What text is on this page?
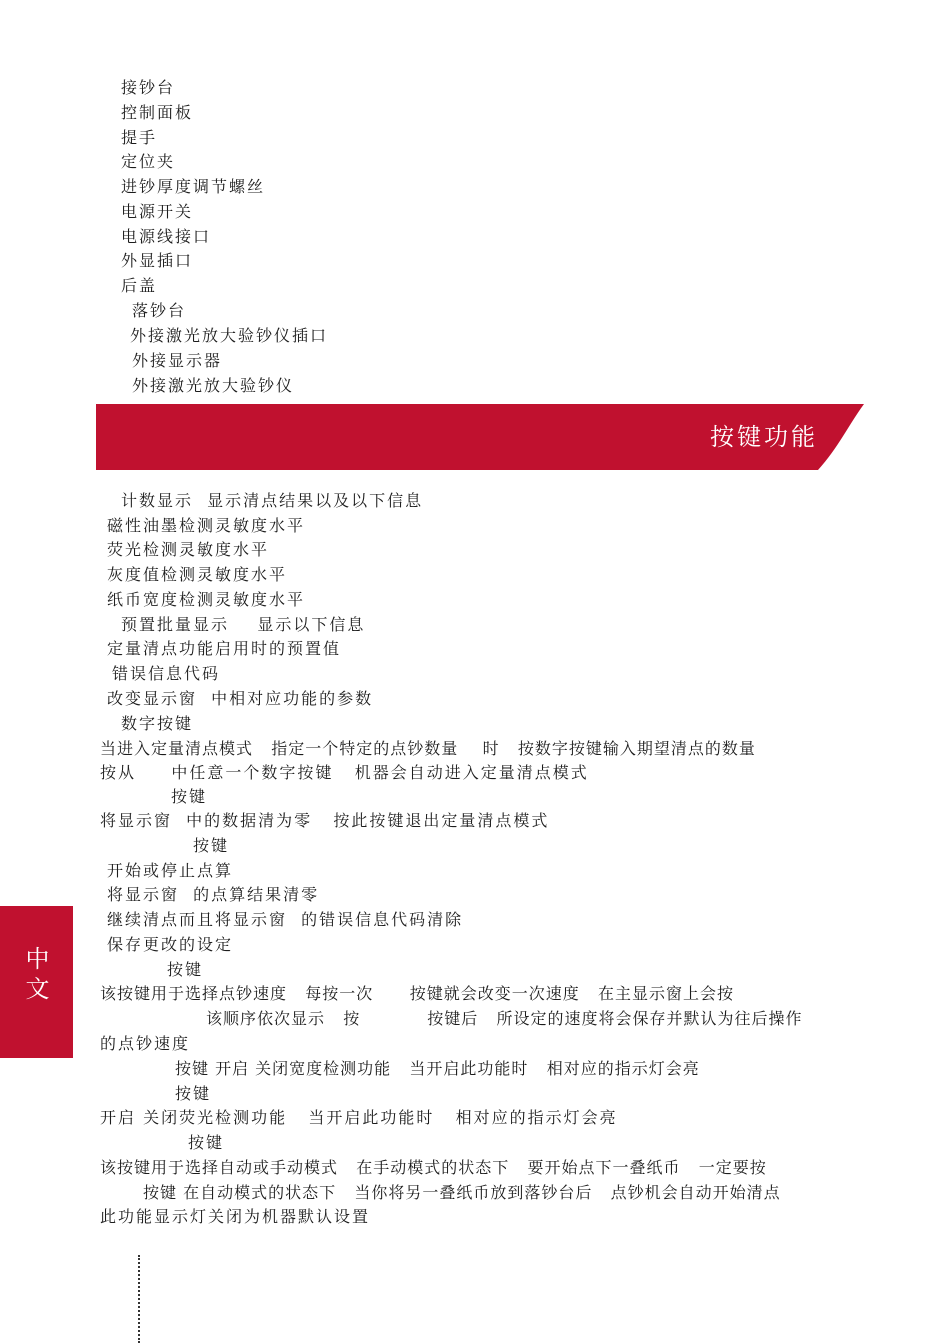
接钞台
控制面板
提手
定位夹
进钞厚度调节螺丝
电源开关
电源线接口
外显插口
后盖
落钞台
外接激光放大验钞仪插口
外接显示器
外接激光放大验钞仪
按键功能
计数显示  显示清点结果以及以下信息
磁性油墨检测灵敏度水平
荧光检测灵敏度水平
灰度值检测灵敏度水平
纸币宽度检测灵敏度水平
预置批量显示    显示以下信息
定量清点功能启用时的预置值
错误信息代码
改变显示窗  中相对应功能的参数
数字按键
当进入定量清点模式   指定一个特定的点钞数量    时   按数字按键输入期望清点的数量
按从     中任意一个数字按键   机器会自动进入定量清点模式
按键
将显示窗  中的数据清为零   按此按键退出定量清点模式
按键
开始或停止点算
将显示窗  的点算结果清零
继续清点而且将显示窗  的错误信息代码清除
保存更改的设定
按键
该按键用于选择点钞速度   每按一次      按键就会改变一次速度   在主显示窗上会按
该顺序依次显示   按           按键后   所设定的速度将会保存并默认为往后操作
的点钞速度
按键 开启 关闭宽度检测功能   当开启此功能时   相对应的指示灯会亮
按键
开启 关闭荧光检测功能   当开启此功能时   相对应的指示灯会亮
按键
该按键用于选择自动或手动模式   在手动模式的状态下   要开始点下一叠纸币   一定要按
按键 在自动模式的状态下   当你将另一叠纸币放到落钞台后   点钞机会自动开始清点
此功能显示灯关闭为机器默认设置
中文
